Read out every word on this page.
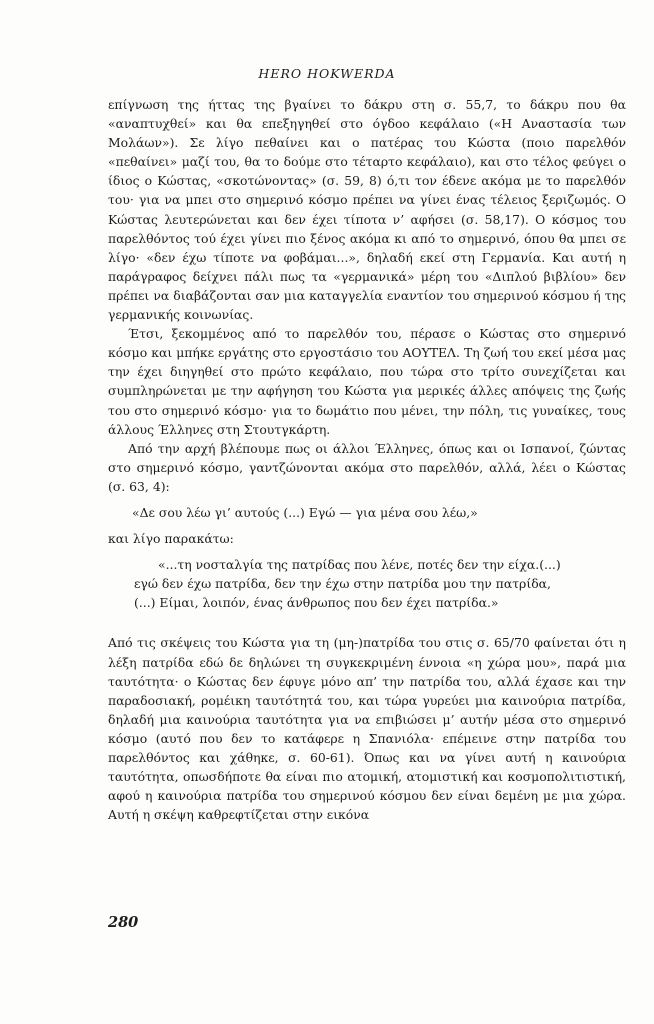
HERO HOKWERDA

επίγνωση της ήττας της βγαίνει το δάκρυ στη σ. 55,7, το δάκρυ που θα «αναπτυχθεί» και θα επεξηγηθεί στο όγδοο κεφάλαιο («Η Αναστασία των Μολάων»). Σε λίγο πεθαίνει και ο πατέρας του Κώστα (ποιο παρελθόν «πεθαίνει» μαζί του, θα το δούμε στο τέταρτο κεφάλαιο), και στο τέλος φεύγει ο ίδιος ο Κώστας, «σκοτώνοντας» (σ. 59, 8) ό,τι τον έδενε ακόμα με το παρελθόν του· για να μπει στο σημερινό κόσμο πρέπει να γίνει ένας τέλειος ξεριζωμός. Ο Κώστας λευτερώνεται και δεν έχει τίποτα ν’ αφήσει (σ. 58,17). Ο κόσμος του παρελθόντος τού έχει γίνει πιο ξένος ακόμα κι από το σημερινό, όπου θα μπει σε λίγο· «δεν έχω τίποτε να φοβάμαι...», δηλαδή εκεί στη Γερμανία. Και αυτή η παράγραφος δείχνει πάλι πως τα «γερμανικά» μέρη του «Διπλού βιβλίου» δεν πρέπει να διαβάζονται σαν μια καταγγελία εναντίον του σημερινού κόσμου ή της γερμανικής κοινωνίας.

Έτσι, ξεκομμένος από το παρελθόν του, πέρασε ο Κώστας στο σημερινό κόσμο και μπήκε εργάτης στο εργοστάσιο του ΑΟΥΤΕΛ. Τη ζωή του εκεί μέσα μας την έχει διηγηθεί στο πρώτο κεφάλαιο, που τώρα στο τρίτο συνεχίζεται και συμπληρώνεται με την αφήγηση του Κώστα για μερικές άλλες απόψεις της ζωής του στο σημερινό κόσμο· για το δωμάτιο που μένει, την πόλη, τις γυναίκες, τους άλλους Έλληνες στη Στουτγκάρτη.

Από την αρχή βλέπουμε πως οι άλλοι Έλληνες, όπως και οι Ισπανοί, ζώντας στο σημερινό κόσμο, γαντζώνονται ακόμα στο παρελθόν, αλλά, λέει ο Κώστας (σ. 63, 4):

«Δε σου λέω γι’ αυτούς (...) Εγώ — για μένα σου λέω,»

και λίγο παρακάτω:

«...τη νοσταλγία της πατρίδας που λένε, ποτές δεν την είχα.(...)
εγώ δεν έχω πατρίδα, δεν την έχω στην πατρίδα μου την πατρίδα,
(...) Είμαι, λοιπόν, ένας άνθρωπος που δεν έχει πατρίδα.»

Από τις σκέψεις του Κώστα για τη (μη-)πατρίδα του στις σ. 65/70 φαίνεται ότι η λέξη πατρίδα εδώ δε δηλώνει τη συγκεκριμένη έννοια «η χώρα μου», παρά μια ταυτότητα· ο Κώστας δεν έφυγε μόνο απ’ την πατρίδα του, αλλά έχασε και την παραδοσιακή, ρομέικη ταυτότητά του, και τώρα γυρεύει μια καινούρια πατρίδα, δηλαδή μια καινούρια ταυτότητα για να επιβιώσει μ’ αυτήν μέσα στο σημερινό κόσμο (αυτό που δεν το κατάφερε η Σπανιόλα· επέμεινε στην πατρίδα του παρελθόντος και χάθηκε, σ. 60-61). Όπως και να γίνει αυτή η καινούρια ταυτότητα, οπωσδήποτε θα είναι πιο ατομική, ατομιστική και κοσμοπολιτιστική, αφού η καινούρια πατρίδα του σημερινού κόσμου δεν είναι δεμένη με μια χώρα. Αυτή η σκέψη καθρεφτίζεται στην εικόνα

280
